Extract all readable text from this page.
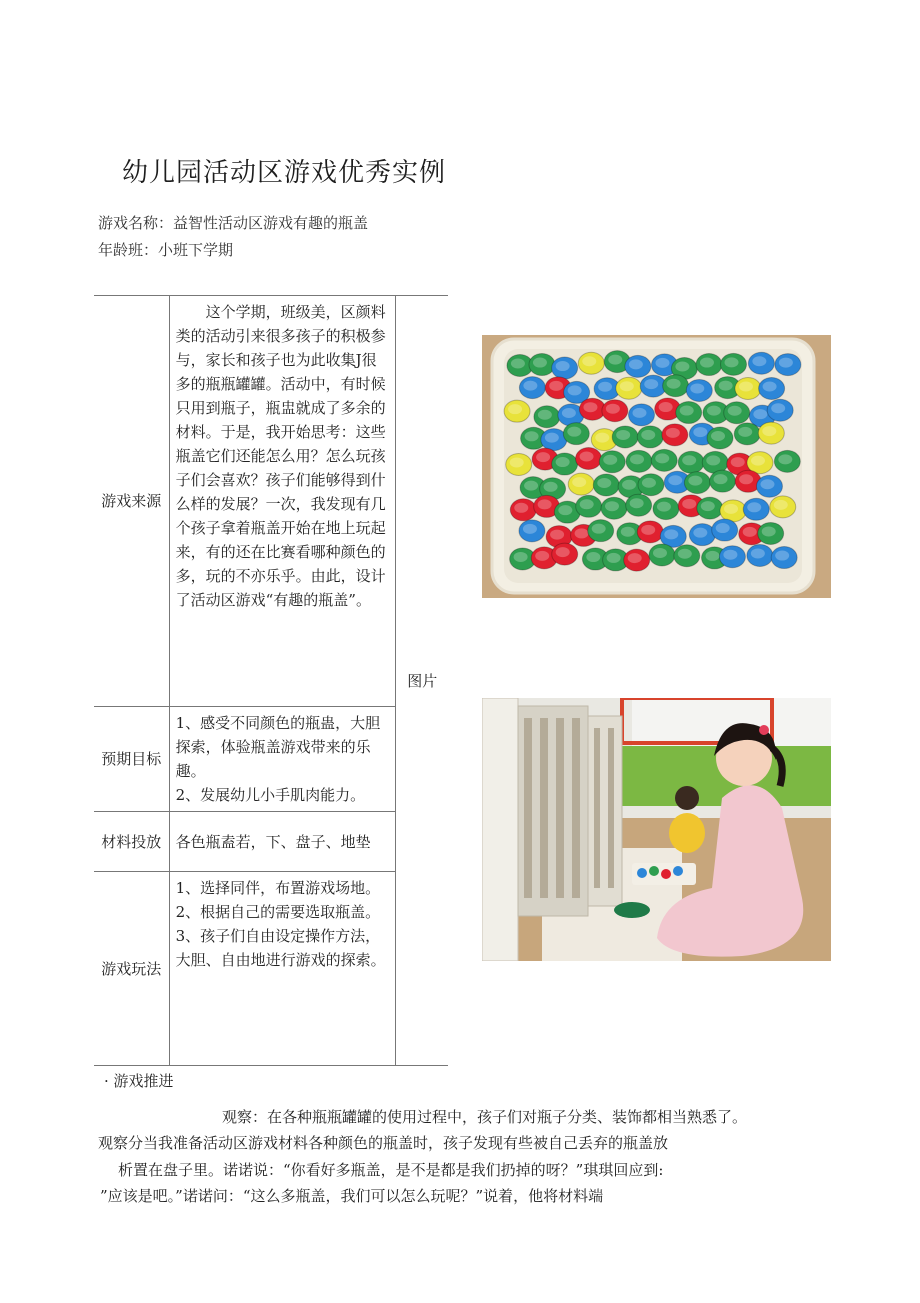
幼儿园活动区游戏优秀实例
游戏名称：益智性活动区游戏有趣的瓶盖
年龄班：小班下学期
游戏来源	这个学期，班级美，区颜料类的活动引来很多孩子的积极参与，家长和孩子也为此收集J很多的瓶瓶罐罐。活动中，有时候只用到瓶子，瓶盅就成了多余的材料。于是，我开始思考：这些瓶盖它们还能怎么用？怎么玩孩子们会喜欢？孩子们能够得到什么样的发展？一次，我发现有几个孩子拿着瓶盖开始在地上玩起来，有的还在比赛看哪种颜色的多，玩的不亦乐乎。由此，设计了活动区游戏“有趣的瓶盖”。	图片
预期目标	1、感受不同颜色的瓶蛊，大胆探索，体验瓶盖游戏带来的乐趣。
2、发展幼儿小手肌肉能力。	

材料投放	各色瓶盍若，下、盘子、地垫	
游戏玩法	1、选择同伴，布置游戏场地。
2、根据自己的需要选取瓶盖。
3、孩子们自由设定操作方法，大胆、自由地进行游戏的探索。	
· 游戏推进
观察：在各种瓶瓶罐罐的使用过程中，孩子们对瓶子分类、装饰都相当熟悉了。
观察分当我准备活动区游戏材料各种颜色的瓶盖时，孩子发现有些被自己丢弃的瓶盖放
析置在盘子里。诺诺说：“你看好多瓶盖，是不是都是我们扔掉的呀？”琪琪回应到:
”应该是吧。”诺诺问：“这么多瓶盖，我们可以怎么玩呢？”说着，他将材料端
